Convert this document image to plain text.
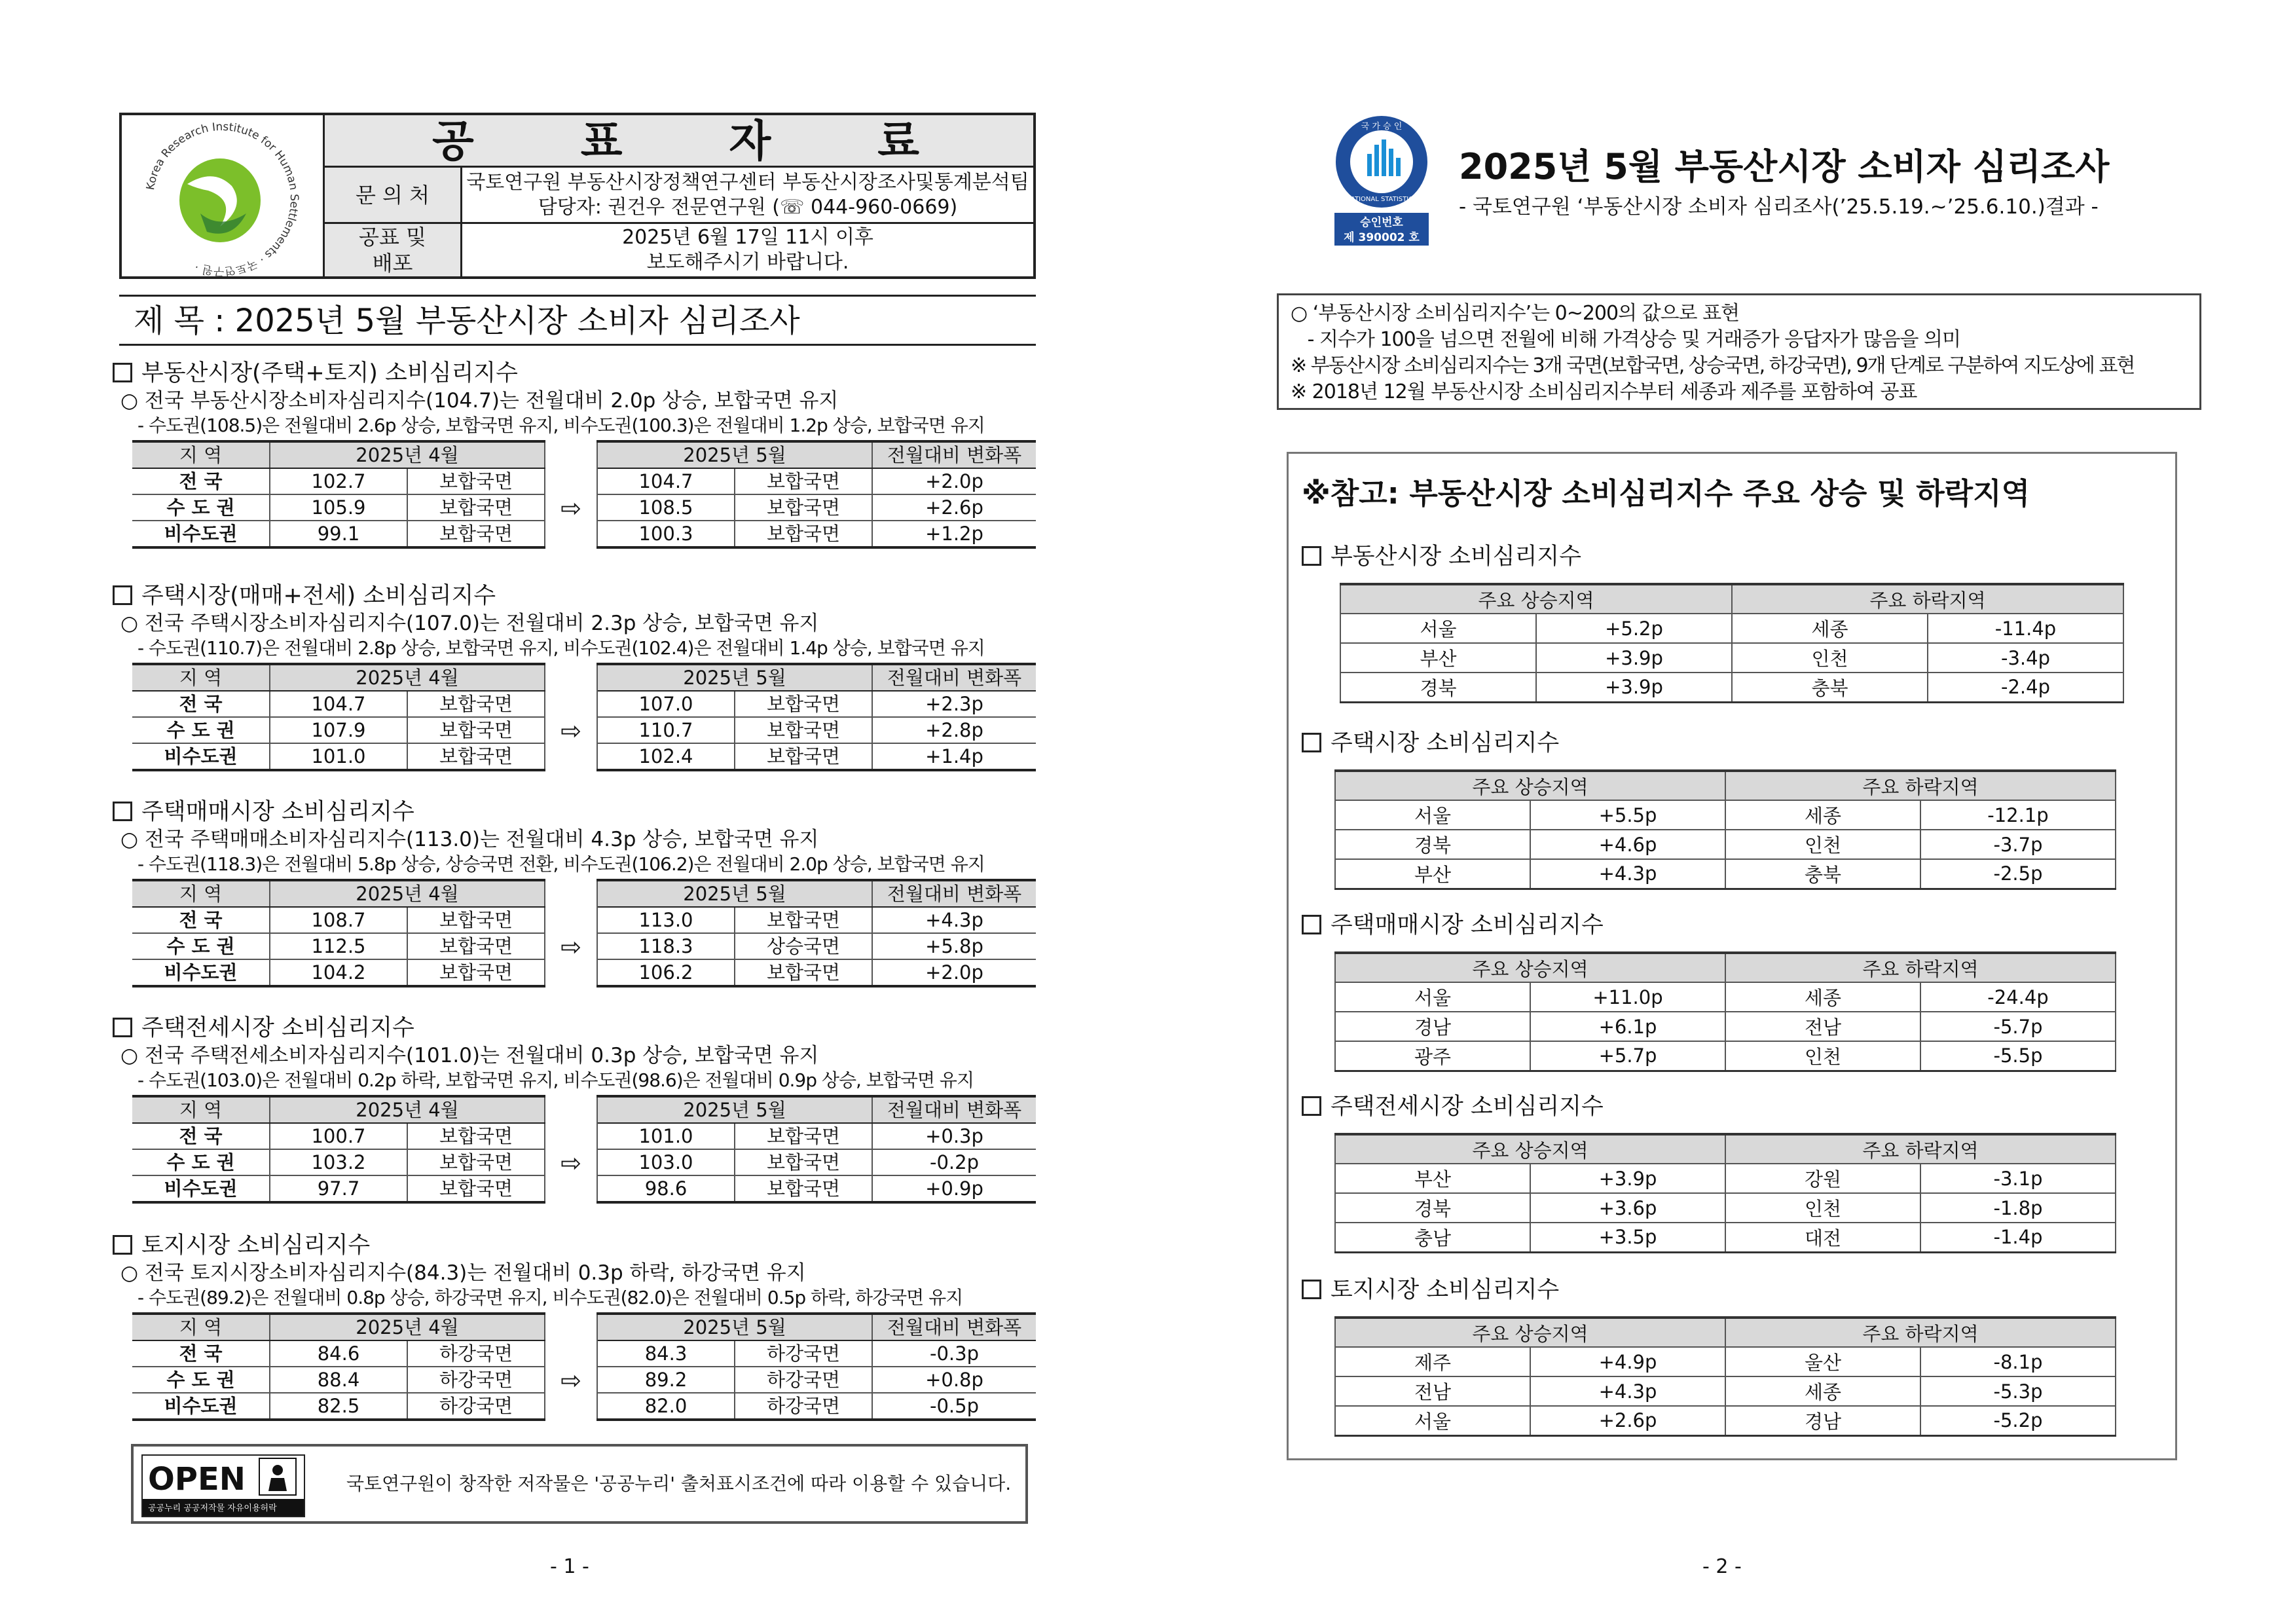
Korea Research Institute for Human Settlements · 국토연구원 ·
공 표 자 료
문 의 처
국토연구원 부동산시장정책연구센터 부동산시장조사및통계분석팀
담당자: 권건우 전문연구원 (☏ 044-960-0669)
공표 및
배포
2025년 6월 17일 11시 이후
보도해주시기 바랍니다.
제 목 : 2025년 5월 부동산시장 소비자 심리조사
부동산시장(주택+토지) 소비심리지수
○ 전국 부동산시장소비자심리지수(104.7)는 전월대비 2.0p 상승, 보합국면 유지
- 수도권(108.5)은 전월대비 2.6p 상승, 보합국면 유지, 비수도권(100.3)은 전월대비 1.2p 상승, 보합국면 유지
지 역	2025년 4월			2025년 5월		전월대비 변화폭
전 국	102.7	보합국면	⇨	104.7	보합국면	+2.0p
수 도 권	105.9	보합국면		108.5	보합국면	+2.6p
비수도권	99.1	보합국면		100.3	보합국면	+1.2p
주택시장(매매+전세) 소비심리지수
○ 전국 주택시장소비자심리지수(107.0)는 전월대비 2.3p 상승, 보합국면 유지
- 수도권(110.7)은 전월대비 2.8p 상승, 보합국면 유지, 비수도권(102.4)은 전월대비 1.4p 상승, 보합국면 유지
지 역	2025년 4월			2025년 5월		전월대비 변화폭
전 국	104.7	보합국면	⇨	107.0	보합국면	+2.3p
수 도 권	107.9	보합국면		110.7	보합국면	+2.8p
비수도권	101.0	보합국면		102.4	보합국면	+1.4p
주택매매시장 소비심리지수
○ 전국 주택매매소비자심리지수(113.0)는 전월대비 4.3p 상승, 보합국면 유지
- 수도권(118.3)은 전월대비 5.8p 상승, 상승국면 전환, 비수도권(106.2)은 전월대비 2.0p 상승, 보합국면 유지
지 역	2025년 4월			2025년 5월		전월대비 변화폭
전 국	108.7	보합국면	⇨	113.0	보합국면	+4.3p
수 도 권	112.5	보합국면		118.3	상승국면	+5.8p
비수도권	104.2	보합국면		106.2	보합국면	+2.0p
주택전세시장 소비심리지수
○ 전국 주택전세소비자심리지수(101.0)는 전월대비 0.3p 상승, 보합국면 유지
- 수도권(103.0)은 전월대비 0.2p 하락, 보합국면 유지, 비수도권(98.6)은 전월대비 0.9p 상승, 보합국면 유지
지 역	2025년 4월			2025년 5월		전월대비 변화폭
전 국	100.7	보합국면	⇨	101.0	보합국면	+0.3p
수 도 권	103.2	보합국면		103.0	보합국면	-0.2p
비수도권	97.7	보합국면		98.6	보합국면	+0.9p
토지시장 소비심리지수
○ 전국 토지시장소비자심리지수(84.3)는 전월대비 0.3p 하락, 하강국면 유지
- 수도권(89.2)은 전월대비 0.8p 상승, 하강국면 유지, 비수도권(82.0)은 전월대비 0.5p 하락, 하강국면 유지
지 역	2025년 4월			2025년 5월		전월대비 변화폭
전 국	84.6	하강국면	⇨	84.3	하강국면	-0.3p
수 도 권	88.4	하강국면		89.2	하강국면	+0.8p
비수도권	82.5	하강국면		82.0	하강국면	-0.5p
OPEN
공공누리 공공저작물 자유이용허락
국토연구원이 창작한 저작물은 '공공누리' 출처표시조건에 따라 이용할 수 있습니다.
- 1 -
국 가 승 인
NATIONAL STATISTICS
승인번호
제 390002 호
2025년 5월 부동산시장 소비자 심리조사
- 국토연구원 ‘부동산시장 소비자 심리조사(’25.5.19.~’25.6.10.)결과 -
○ ‘부동산시장 소비심리지수’는 0~200의 값으로 표현
- 지수가 100을 넘으면 전월에 비해 가격상승 및 거래증가 응답자가 많음을 의미
※ 부동산시장 소비심리지수는 3개 국면(보합국면, 상승국면, 하강국면), 9개 단계로 구분하여 지도상에 표현
※ 2018년 12월 부동산시장 소비심리지수부터 세종과 제주를 포함하여 공표
※참고: 부동산시장 소비심리지수 주요 상승 및 하락지역
부동산시장 소비심리지수
주요 상승지역		주요 하락지역	
서울	+5.2p	세종	-11.4p
부산	+3.9p	인천	-3.4p
경북	+3.9p	충북	-2.4p
주택시장 소비심리지수
주요 상승지역		주요 하락지역	
서울	+5.5p	세종	-12.1p
경북	+4.6p	인천	-3.7p
부산	+4.3p	충북	-2.5p
주택매매시장 소비심리지수
주요 상승지역		주요 하락지역	
서울	+11.0p	세종	-24.4p
경남	+6.1p	전남	-5.7p
광주	+5.7p	인천	-5.5p
주택전세시장 소비심리지수
주요 상승지역		주요 하락지역	
부산	+3.9p	강원	-3.1p
경북	+3.6p	인천	-1.8p
충남	+3.5p	대전	-1.4p
토지시장 소비심리지수
주요 상승지역		주요 하락지역	
제주	+4.9p	울산	-8.1p
전남	+4.3p	세종	-5.3p
서울	+2.6p	경남	-5.2p
- 2 -
